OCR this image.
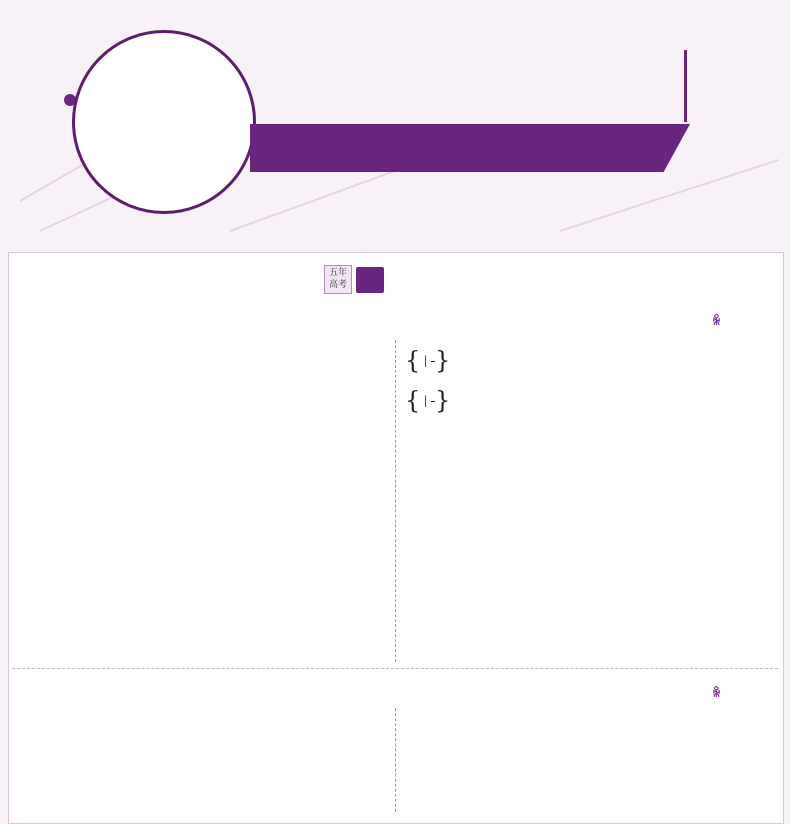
五年
高考
ꆜ
{ |
}
{ |
}
ꆜ
